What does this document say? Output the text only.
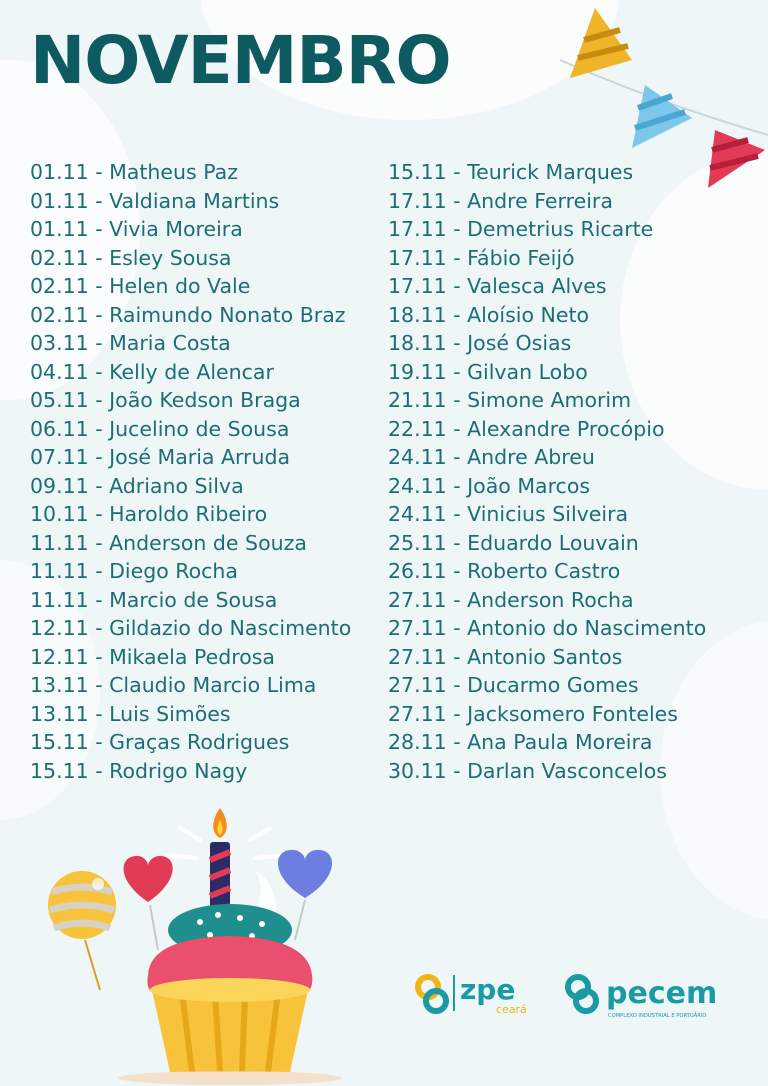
NOVEMBRO
01.11 - Matheus Paz
01.11 - Valdiana Martins
01.11 - Vivia Moreira
02.11 - Esley Sousa
02.11 - Helen do Vale
02.11 - Raimundo Nonato Braz
03.11 - Maria Costa
04.11 - Kelly de Alencar
05.11 - João Kedson Braga
06.11 - Jucelino de Sousa
07.11 - José Maria Arruda
09.11 - Adriano Silva
10.11 - Haroldo Ribeiro
11.11 - Anderson de Souza
11.11 - Diego Rocha
11.11 - Marcio de Sousa
12.11 - Gildazio do Nascimento
12.11 - Mikaela Pedrosa
13.11 - Claudio Marcio Lima
13.11 - Luis Simões
15.11 - Graças Rodrigues
15.11 - Rodrigo Nagy
15.11 - Teurick Marques
17.11 - Andre Ferreira
17.11 - Demetrius Ricarte
17.11 - Fábio Feijó
17.11 - Valesca Alves
18.11 - Aloísio Neto
18.11 - José Osias
19.11 - Gilvan Lobo
21.11 - Simone Amorim
22.11 - Alexandre Procópio
24.11 - Andre Abreu
24.11 - João Marcos
24.11 - Vinicius Silveira
25.11 - Eduardo Louvain
26.11 - Roberto Castro
27.11 - Anderson Rocha
27.11 - Antonio do Nascimento
27.11 - Antonio Santos
27.11 - Ducarmo Gomes
27.11 - Jacksomero Fonteles
28.11 - Ana Paula Moreira
30.11 - Darlan Vasconcelos
zpe
ceará	pecem
COMPLEXO INDUSTRIAL E PORTUÁRIO
